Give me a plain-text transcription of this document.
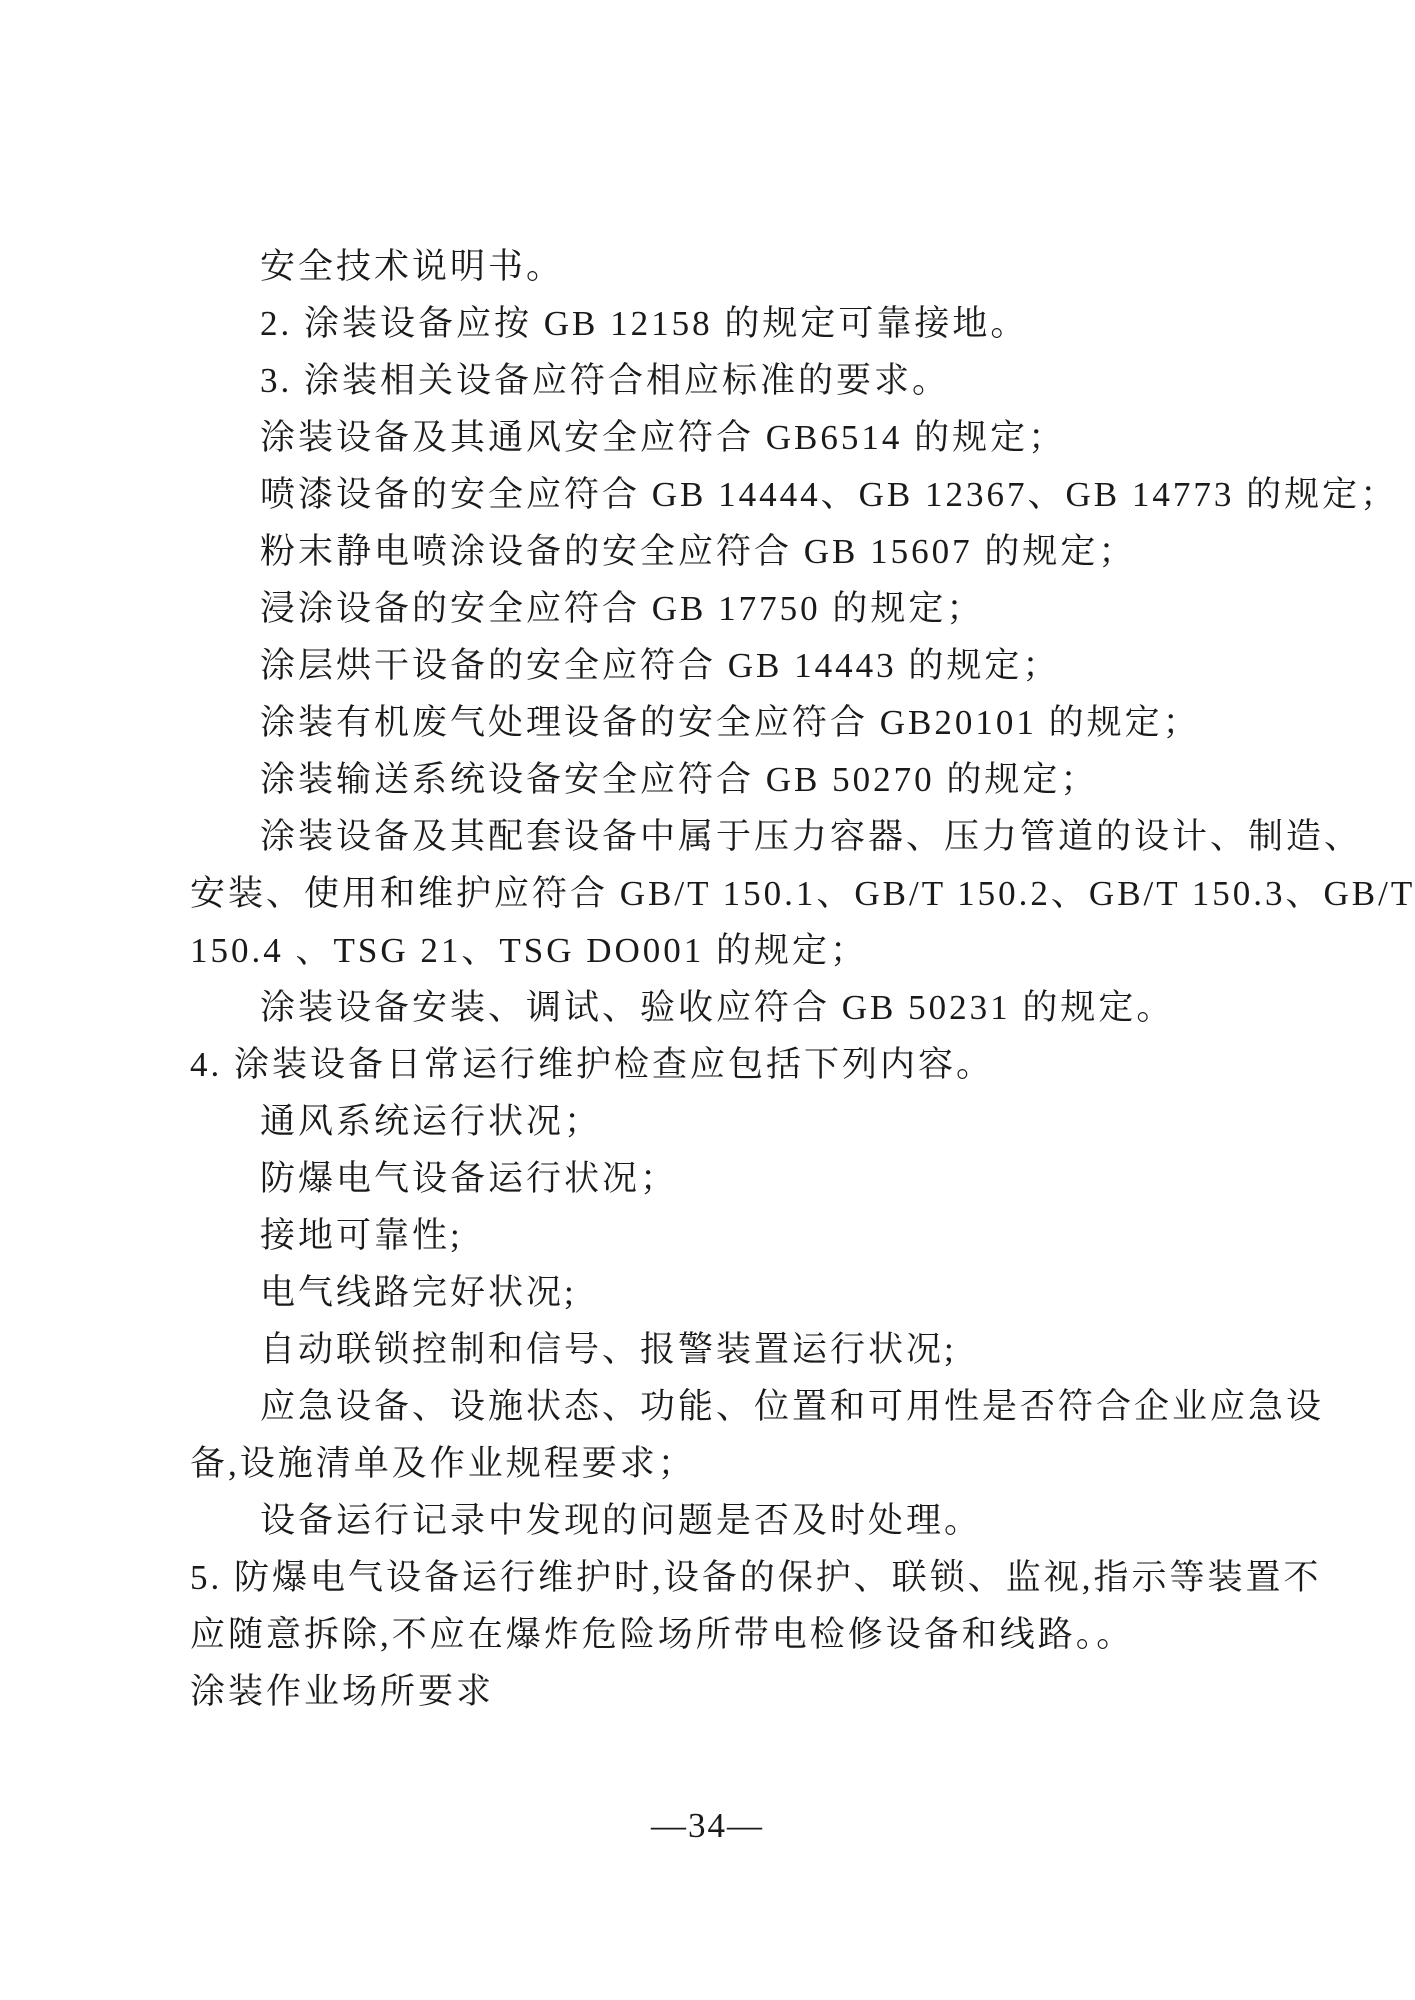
安全技术说明书。

2. 涂装设备应按 GB 12158 的规定可靠接地。

3. 涂装相关设备应符合相应标准的要求。

涂装设备及其通风安全应符合 GB6514 的规定；

喷漆设备的安全应符合 GB 14444、GB 12367、GB 14773 的规定；

粉末静电喷涂设备的安全应符合 GB 15607 的规定；

浸涂设备的安全应符合 GB 17750 的规定；

涂层烘干设备的安全应符合 GB 14443 的规定；

涂装有机废气处理设备的安全应符合 GB20101 的规定；

涂装输送系统设备安全应符合 GB 50270 的规定；

涂装设备及其配套设备中属于压力容器、压力管道的设计、制造、

安装、使用和维护应符合 GB/T 150.1、GB/T 150.2、GB/T 150.3、GB/T

150.4 、TSG 21、TSG DO001 的规定；

涂装设备安装、调试、验收应符合 GB 50231 的规定。

4. 涂装设备日常运行维护检查应包括下列内容。

通风系统运行状况；

防爆电气设备运行状况；

接地可靠性;

电气线路完好状况;

自动联锁控制和信号、报警装置运行状况;

应急设备、设施状态、功能、位置和可用性是否符合企业应急设

备,设施清单及作业规程要求；

设备运行记录中发现的问题是否及时处理。

5. 防爆电气设备运行维护时,设备的保护、联锁、监视,指示等装置不

应随意拆除,不应在爆炸危险场所带电检修设备和线路。。

涂装作业场所要求

—34—
